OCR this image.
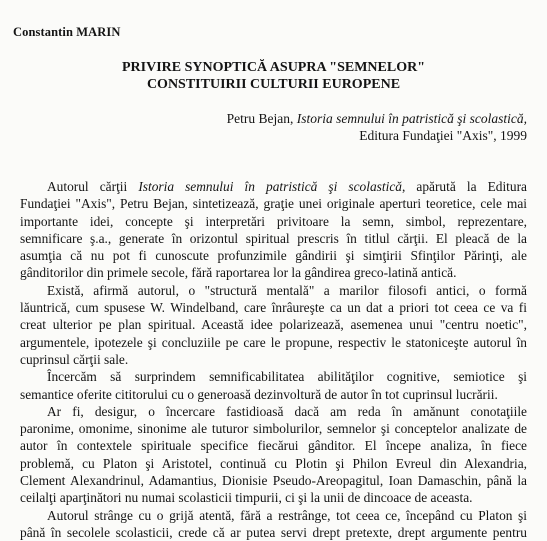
Constantin MARIN
PRIVIRE SYNOPTICĂ ASUPRA "SEMNELOR"
CONSTITUIRII CULTURII EUROPENE
Petru Bejan, Istoria semnului în patristică şi scolastică,
Editura Fundaţiei "Axis", 1999
Autorul cărţii Istoria semnului în patristică şi scolastică, apărută la Editura
Fundaţiei "Axis", Petru Bejan, sintetizează, graţie unei originale aperturi teoretice, cele mai
importante idei, concepte şi interpretări privitoare la semn, simbol, reprezentare,
semnificare ş.a., generate în orizontul spiritual prescris în titlul cărţii. El pleacă de la
asumţia că nu pot fi cunoscute profunzimile gândirii şi simţirii Sfinţilor Părinţi, ale
gânditorilor din primele secole, fără raportarea lor la gândirea greco-latină antică.
Există, afirmă autorul, o "structură mentală" a marilor filosofi antici, o formă
lăuntrică, cum spusese W. Windelband, care înrâureşte ca un dat a priori tot ceea ce va fi
creat ulterior pe plan spiritual. Această idee polarizează, asemenea unui "centru noetic",
argumentele, ipotezele şi concluziile pe care le propune, respectiv le statoniceşte autorul în
cuprinsul cărţii sale.
Încercăm să surprindem semnificabilitatea abilităţilor cognitive, semiotice şi
semantice oferite cititorului cu o generoasă dezinvoltură de autor în tot cuprinsul lucrării.
Ar fi, desigur, o încercare fastidioasă dacă am reda în amănunt conotaţiile
paronime, omonime, sinonime ale tuturor simbolurilor, semnelor şi conceptelor analizate de
autor în contextele spirituale specifice fiecărui gânditor. El începe analiza, în fiece
problemă, cu Platon şi Aristotel, continuă cu Plotin şi Philon Evreul din Alexandria,
Clement Alexandrinul, Adamantius, Dionisie Pseudo-Areopagitul, Ioan Damaschin, până la
ceilalţi aparţinători nu numai scolasticii timpurii, ci şi la unii de dincoace de aceasta.
Autorul strânge cu o grijă atentă, fără a restrânge, tot ceea ce, începând cu Platon şi
până în secolele scolasticii, crede că ar putea servi drept pretexte, drept argumente pentru
